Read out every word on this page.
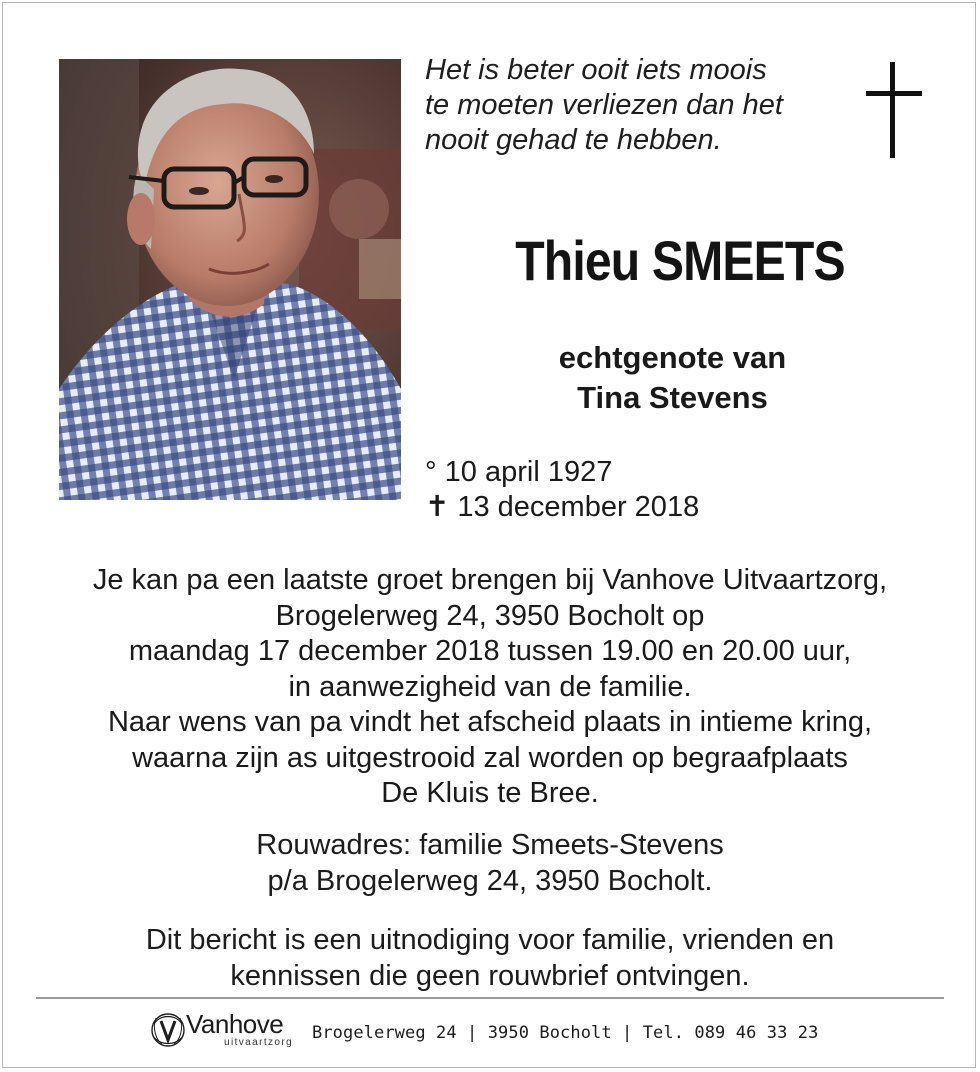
Het is beter ooit iets moois
te moeten verliezen dan het
nooit gehad te hebben.
Thieu SMEETS
echtgenote van
Tina Stevens
° 10 april 1927
✝ 13 december 2018
Je kan pa een laatste groet brengen bij Vanhove Uitvaartzorg,
Brogelerweg 24, 3950 Bocholt op
maandag 17 december 2018 tussen 19.00 en 20.00 uur,
in aanwezigheid van de familie.
Naar wens van pa vindt het afscheid plaats in intieme kring,
waarna zijn as uitgestrooid zal worden op begraafplaats
De Kluis te Bree.
Rouwadres: familie Smeets-Stevens
p/a Brogelerweg 24, 3950 Bocholt.
Dit bericht is een uitnodiging voor familie, vrienden en
kennissen die geen rouwbrief ontvingen.
Vanhove
uitvaartzorg Brogelerweg 24 | 3950 Bocholt | Tel. 089 46 33 23
